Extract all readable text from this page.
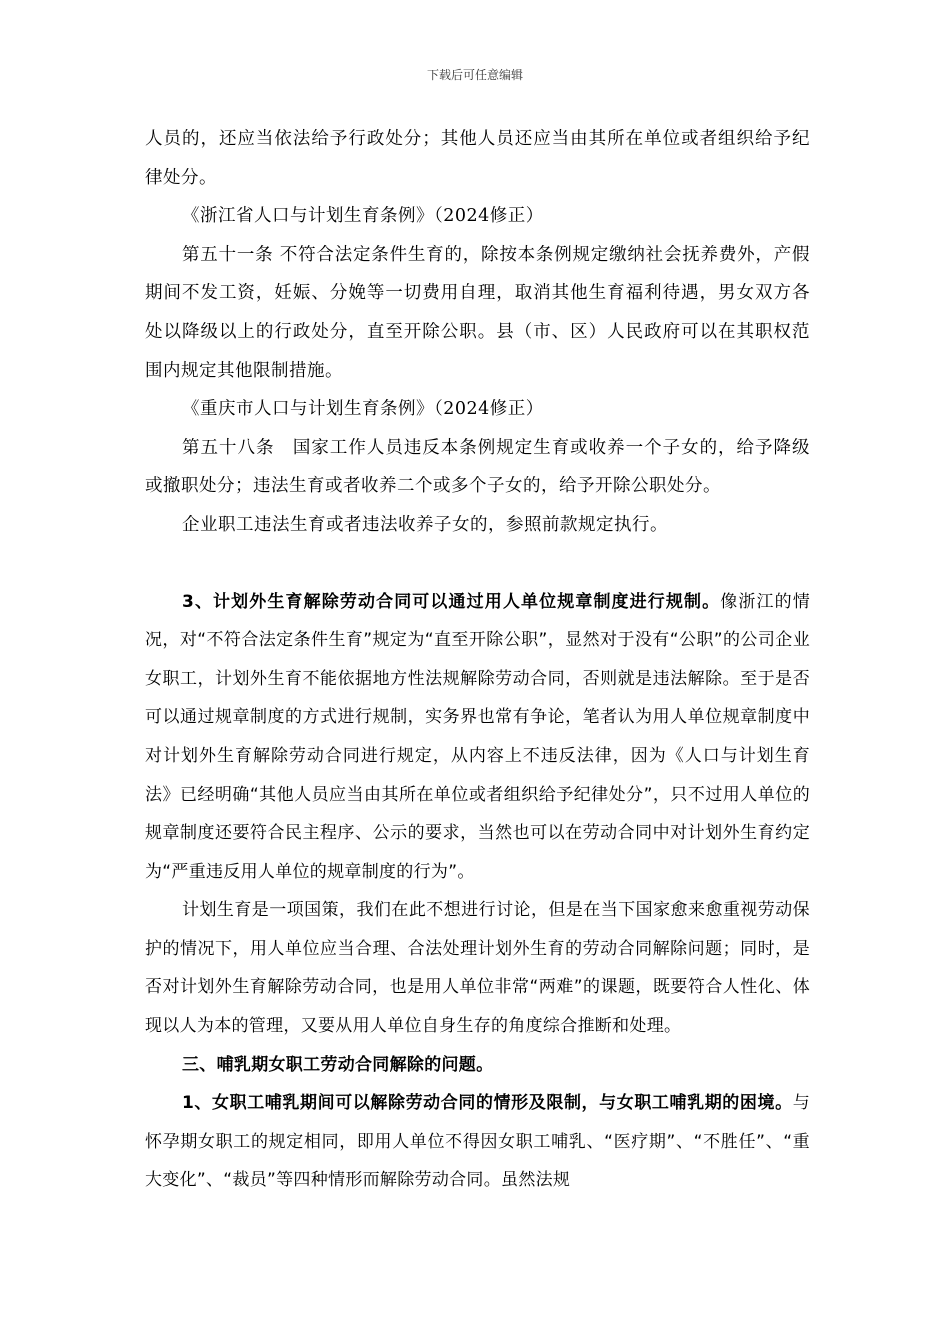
下载后可任意编辑

人员的，还应当依法给予行政处分；其他人员还应当由其所在单位或者组织给予纪律处分。

《浙江省人口与计划生育条例》（2024修正）

第五十一条 不符合法定条件生育的，除按本条例规定缴纳社会抚养费外，产假期间不发工资，妊娠、分娩等一切费用自理，取消其他生育福利待遇，男女双方各处以降级以上的行政处分，直至开除公职。县（市、区）人民政府可以在其职权范围内规定其他限制措施。

《重庆市人口与计划生育条例》（2024修正）

第五十八条　国家工作人员违反本条例规定生育或收养一个子女的，给予降级或撤职处分；违法生育或者收养二个或多个子女的，给予开除公职处分。

企业职工违法生育或者违法收养子女的，参照前款规定执行。

3、计划外生育解除劳动合同可以通过用人单位规章制度进行规制。像浙江的情况，对“不符合法定条件生育”规定为“直至开除公职”，显然对于没有“公职”的公司企业女职工，计划外生育不能依据地方性法规解除劳动合同，否则就是违法解除。至于是否可以通过规章制度的方式进行规制，实务界也常有争论，笔者认为用人单位规章制度中对计划外生育解除劳动合同进行规定，从内容上不违反法律，因为《人口与计划生育法》已经明确“其他人员应当由其所在单位或者组织给予纪律处分”，只不过用人单位的规章制度还要符合民主程序、公示的要求，当然也可以在劳动合同中对计划外生育约定为“严重违反用人单位的规章制度的行为”。

计划生育是一项国策，我们在此不想进行讨论，但是在当下国家愈来愈重视劳动保护的情况下，用人单位应当合理、合法处理计划外生育的劳动合同解除问题；同时，是否对计划外生育解除劳动合同，也是用人单位非常“两难”的课题，既要符合人性化、体现以人为本的管理，又要从用人单位自身生存的角度综合推断和处理。

三、哺乳期女职工劳动合同解除的问题。

1、女职工哺乳期间可以解除劳动合同的情形及限制，与女职工哺乳期的困境。与怀孕期女职工的规定相同，即用人单位不得因女职工哺乳、“医疗期”、“不胜任”、“重大变化”、“裁员”等四种情形而解除劳动合同。虽然法规
